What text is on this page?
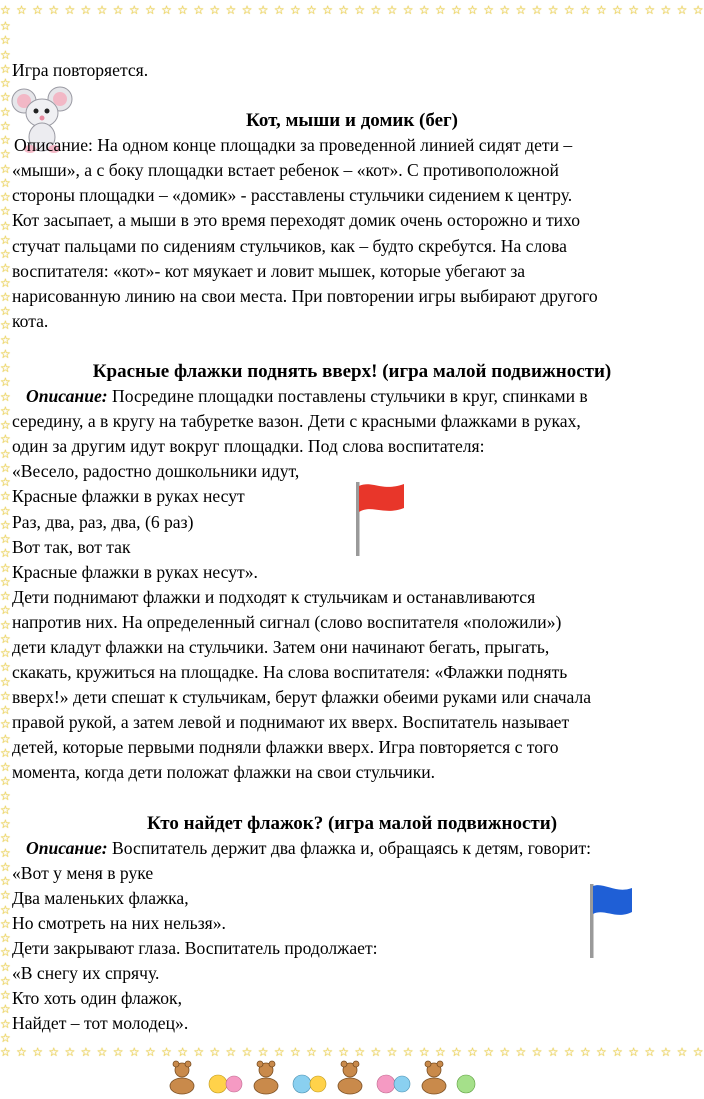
☆ ☆ ☆ ☆ ☆ ☆ ☆ ☆ ☆ ☆ ☆ ☆ ☆ ☆ ☆ ☆ ☆ ☆ ☆ ☆ ☆ ☆ ☆ ☆ ☆ ☆ ☆ ☆ ☆ ☆ ☆ ☆ ☆ ☆ ☆ ☆ ☆ ☆ ☆ ☆ ☆ ☆ ☆ ☆
☆ ☆ ☆ ☆ ☆ ☆ ☆ ☆ ☆ ☆ ☆ ☆ ☆ ☆ ☆ ☆ ☆ ☆ ☆ ☆ ☆ ☆ ☆ ☆ ☆ ☆ ☆ ☆ ☆ ☆ ☆ ☆ ☆ ☆ ☆ ☆ ☆ ☆ ☆ ☆ ☆ ☆ ☆ ☆
☆
☆
☆
☆
☆
☆
☆
☆
☆
☆
☆
☆
☆
☆
☆
☆
☆
☆
☆
☆
☆
☆
☆
☆
☆
☆
☆
☆
☆
☆
☆
☆
☆
☆
☆
☆
☆
☆
☆
☆
☆
☆
☆
☆
☆
☆
☆
☆
☆
☆
☆
☆
☆
☆
☆
☆
☆
☆
☆
☆
☆
☆
☆
☆
☆
☆
☆
☆
☆
☆
☆
☆

Игра повторяется.

Кот, мыши и домик (бег)

Описание: На одном конце площадки за проведенной линией сидят дети –

«мыши», а с боку площадки встает ребенок – «кот». С противоположной

стороны площадки – «домик» - расставлены стульчики сидением к центру.

Кот засыпает, а мыши в это время переходят домик очень осторожно и тихо

стучат пальцами по сидениям стульчиков, как – будто скребутся. На слова

воспитателя: «кот»- кот мяукает и ловит мышек, которые убегают за

нарисованную линию на свои места. При повторении игры выбирают другого

кота.

Красные флажки поднять вверх! (игра малой подвижности)

Описание: Посредине площадки поставлены стульчики в круг, спинками в

середину, а в кругу на табуретке вазон. Дети с красными флажками в руках,

один за другим идут вокруг площадки. Под слова воспитателя:

«Весело, радостно дошкольники идут,

Красные флажки в руках несут

Раз, два, раз, два, (6 раз)

Вот так, вот так

Красные флажки в руках несут».

Дети поднимают флажки и подходят к стульчикам и останавливаются

напротив них. На определенный сигнал (слово воспитателя «положили»)

дети кладут флажки на стульчики. Затем они начинают бегать, прыгать,

скакать, кружиться на площадке. На слова воспитателя: «Флажки поднять

вверх!» дети спешат к стульчикам, берут флажки обеими руками или сначала

правой рукой, а затем левой и поднимают их вверх. Воспитатель называет

детей, которые первыми подняли флажки вверх. Игра повторяется с того

момента, когда дети положат флажки на свои стульчики.

Кто найдет флажок? (игра малой подвижности)

Описание: Воспитатель держит два флажка и, обращаясь к детям, говорит:

«Вот у меня в руке

Два маленьких флажка,

Но смотреть на них нельзя».

Дети закрывают глаза. Воспитатель продолжает:

«В снегу их спрячу.

Кто хоть один флажок,

Найдет – тот молодец».
